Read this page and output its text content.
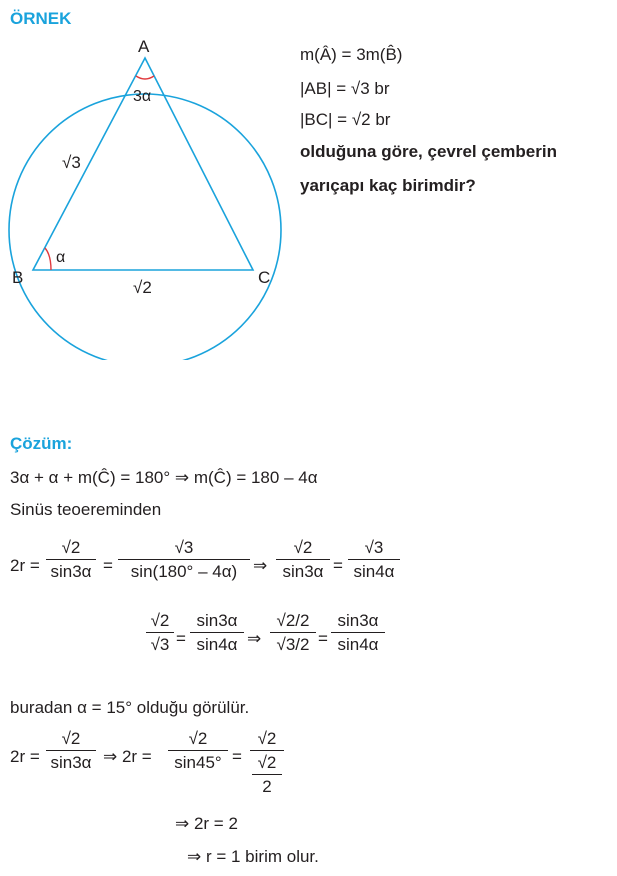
ÖRNEK
A
B	C
3α
α
√3
√2
m(Â) = 3m(B̂)
|AB| = √3 br
|BC| = √2 br
olduğuna göre, çevrel çemberin
yarıçapı kaç birimdir?
Çözüm:
3α + α + m(Ĉ) = 180° ⇒ m(Ĉ) = 180 – 4α
Sinüs teoereminden
$2r = \frac{√2}{\sin 3\alpha} = \frac{√3}{\sin(180^\circ - 4\alpha)}$ ⇒ $\frac{√2}{\sin 3\alpha} = \frac{√3}{\sin 4\alpha}$
$\frac{√2}{√3} = \frac{\sin 3\alpha}{\sin 4\alpha}$ ⇒ $\frac{√2/2}{√3/2} = \frac{\sin 3\alpha}{\sin 4\alpha}$
buradan α = 15° olduğu görülür.
$2r = \frac{√2}{\sin 3\alpha}$ ⇒ $2r = \frac{√2}{\sin 45^\circ} = √2$
√2
2
⇒ 2r = 2
⇒ r = 1 birim olur.
